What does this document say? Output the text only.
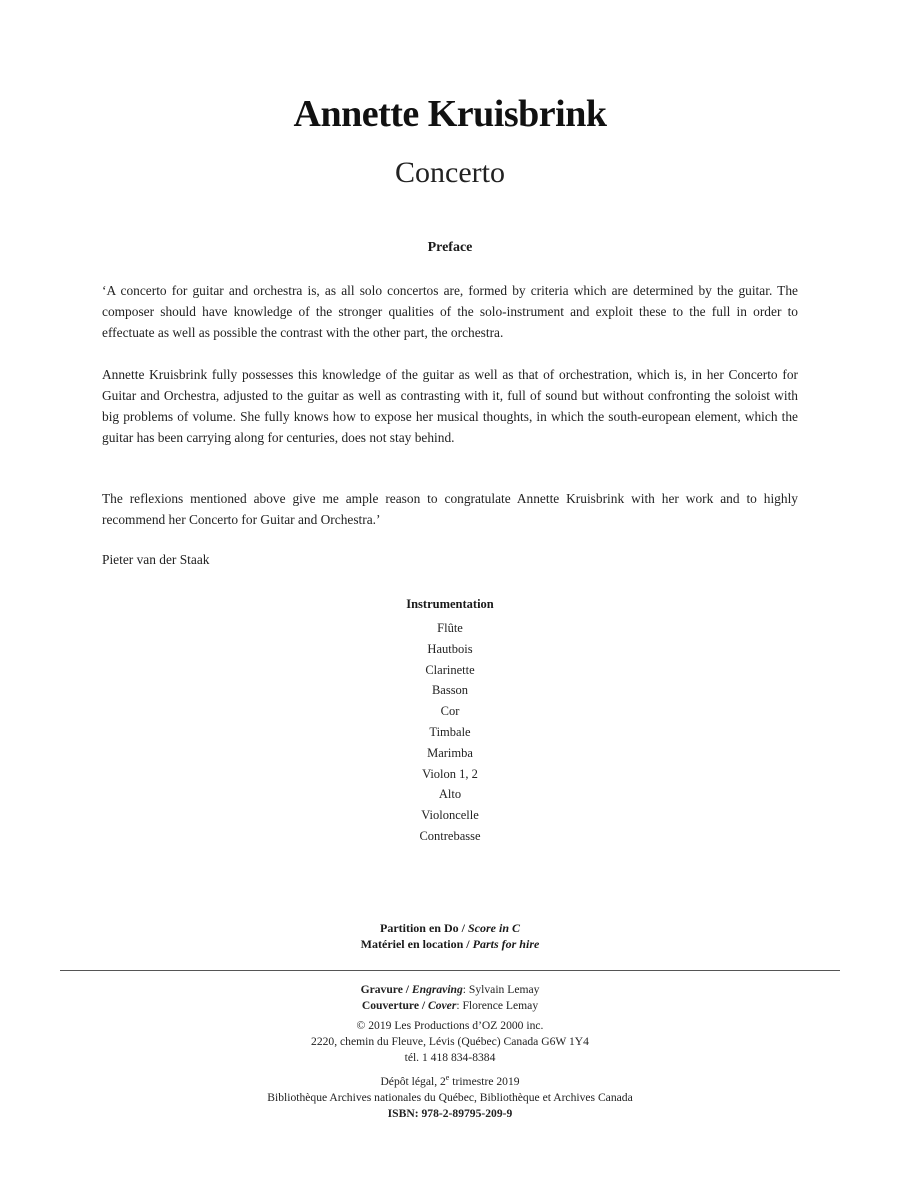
Annette Kruisbrink
Concerto
Preface

‘A concerto for guitar and orchestra is, as all solo concertos are, formed by criteria which are determined by the guitar. The composer should have knowledge of the stronger qualities of the solo-instrument and exploit these to the full in order to effectuate as well as possible the contrast with the other part, the orchestra.

Annette Kruisbrink fully possesses this knowledge of the guitar as well as that of orchestration, which is, in her Concerto for Guitar and Orchestra, adjusted to the guitar as well as contrasting with it, full of sound but without confronting the soloist with big problems of volume. She fully knows how to expose her musical thoughts, in which the south-european element, which the guitar has been carrying along for centuries, does not stay behind.

The reflexions mentioned above give me ample reason to congratulate Annette Kruisbrink with her work and to highly recommend her Concerto for Guitar and Orchestra.’

Pieter van der Staak
Instrumentation
Flûte
Hautbois
Clarinette
Basson
Cor
Timbale
Marimba
Violon 1, 2
Alto
Violoncelle
Contrebasse
Partition en Do / Score in C
Matériel en location / Parts for hire
Gravure / Engraving: Sylvain Lemay
Couverture / Cover: Florence Lemay
© 2019 Les Productions d’OZ 2000 inc.
2220, chemin du Fleuve, Lévis (Québec) Canada G6W 1Y4
tél. 1 418 834-8384
Dépôt légal, 2e trimestre 2019
Bibliothèque Archives nationales du Québec, Bibliothèque et Archives Canada
ISBN: 978-2-89795-209-9
